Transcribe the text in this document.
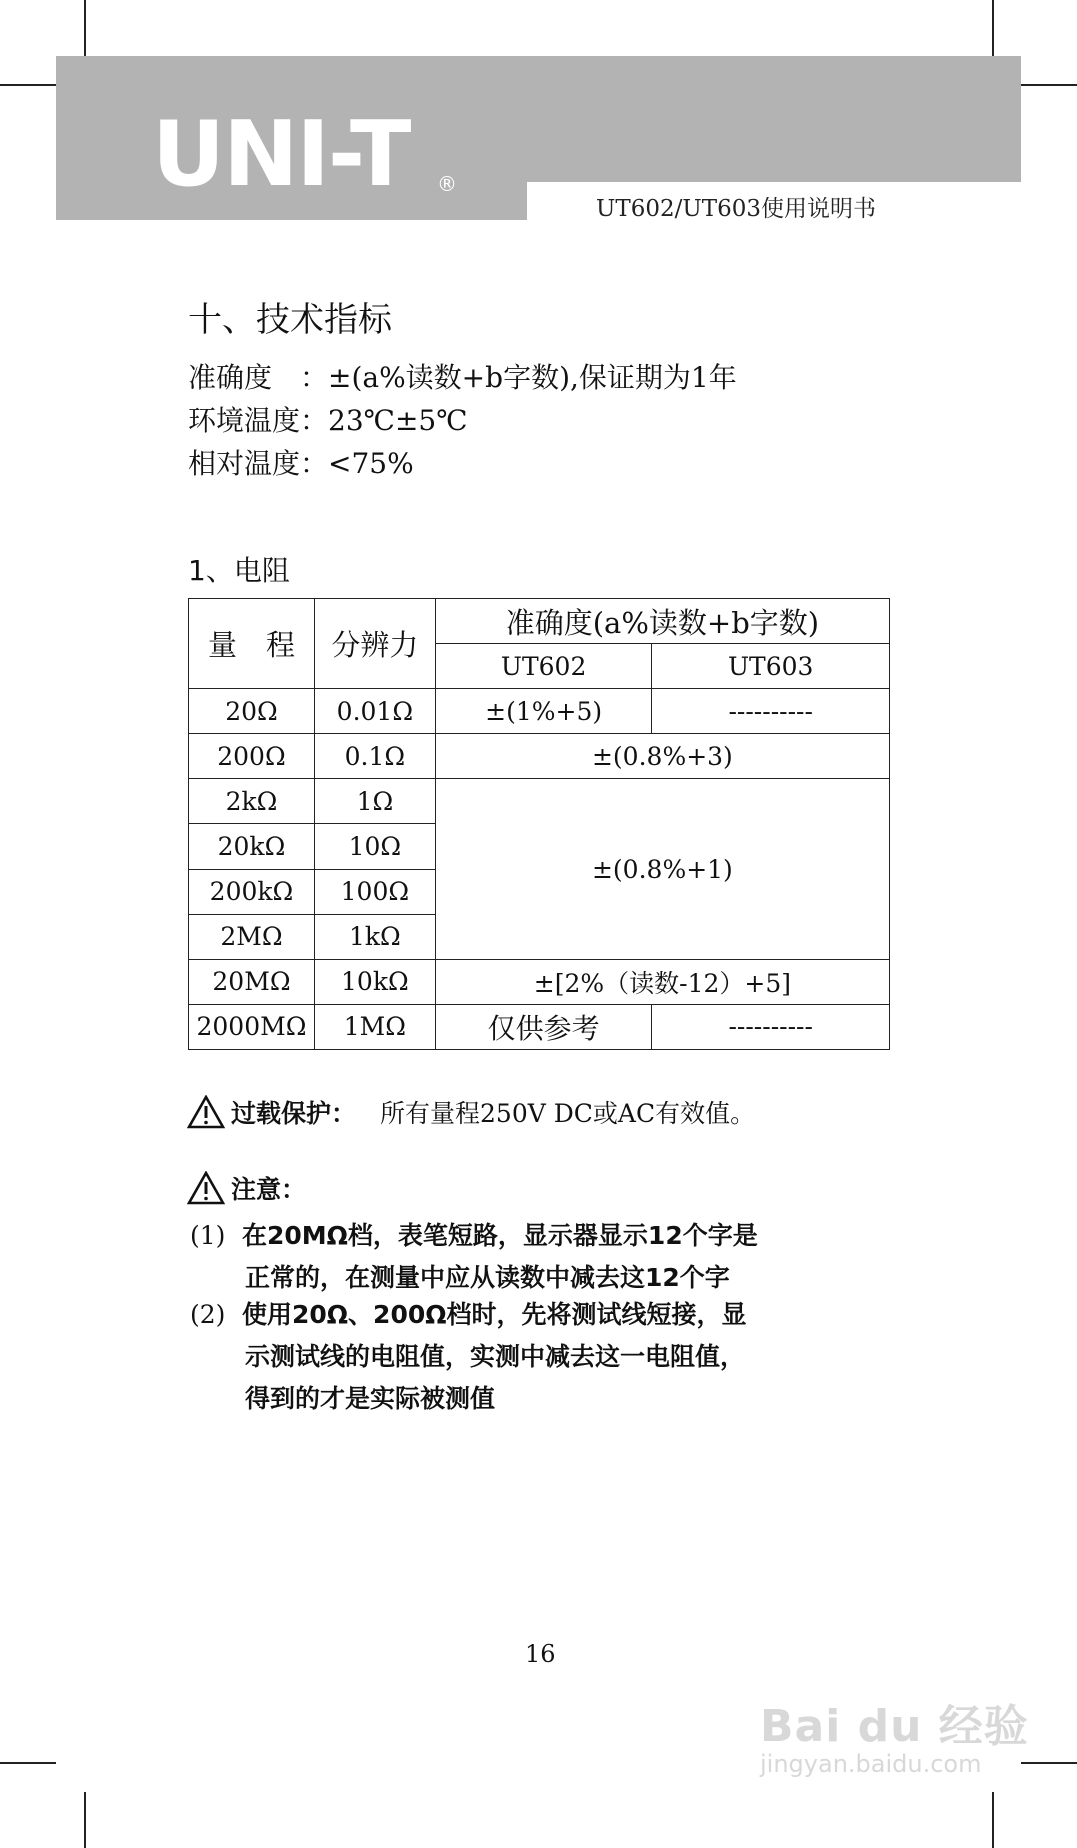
UNI-T ®
UT602/UT603使用说明书
十、技术指标
准确度　：±(a%读数+b字数),保证期为1年
环境温度：23℃±5℃
相对温度：<75%
1、电阻
量　程	分辨力	准确度(a%读数+b字数)	
		UT602	UT603
20Ω	0.01Ω	±(1%+5)	----------
200Ω	0.1Ω	±(0.8%+3)	
2kΩ	1Ω	±(0.8%+1)	
20kΩ	10Ω		
200kΩ	100Ω		
2MΩ	1kΩ		
20MΩ	10kΩ	±[2%（读数-12）+5]	
2000MΩ	1MΩ	仅供参考	----------
过载保护： 所有量程250V DC或AC有效值。
注意：
(1) 在20MΩ档，表笔短路，显示器显示12个字是
正常的，在测量中应从读数中减去这12个字
(2) 使用20Ω、200Ω档时，先将测试线短接，显
示测试线的电阻值，实测中减去这一电阻值，
得到的才是实际被测值
16
Bai du 经验
jingyan.baidu.com
